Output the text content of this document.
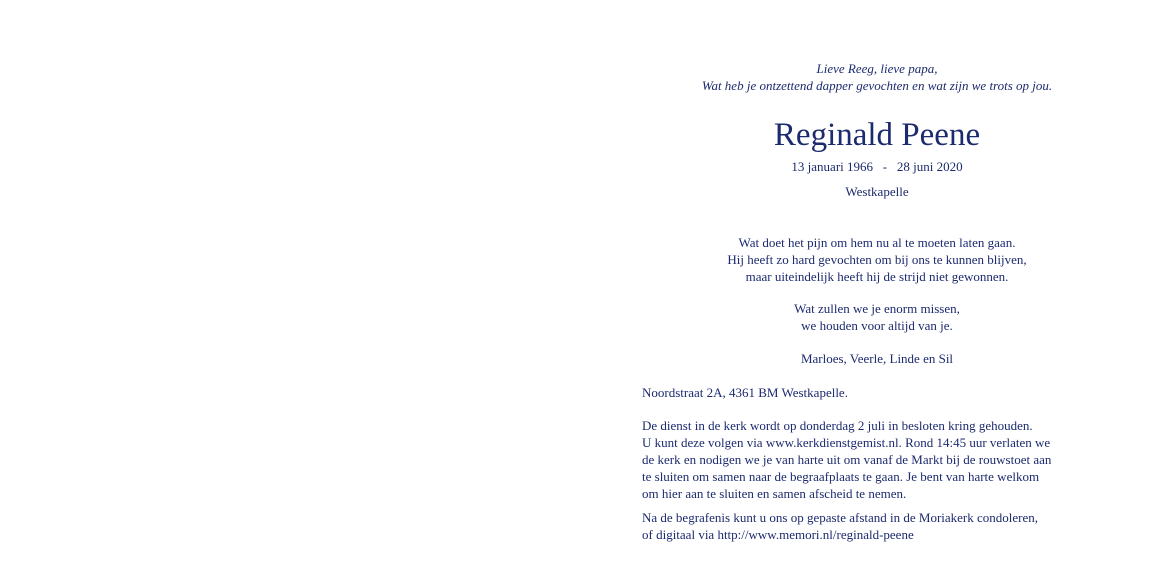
Lieve Reeg, lieve papa,
Wat heb je ontzettend dapper gevochten en wat zijn we trots op jou.
Reginald Peene
13 januari 1966   -   28 juni 2020
Westkapelle
Wat doet het pijn om hem nu al te moeten laten gaan.
Hij heeft zo hard gevochten om bij ons te kunnen blijven,
maar uiteindelijk heeft hij de strijd niet gewonnen.
Wat zullen we je enorm missen,
we houden voor altijd van je.
Marloes, Veerle, Linde en Sil
Noordstraat 2A, 4361 BM Westkapelle.
De dienst in de kerk wordt op donderdag 2 juli in besloten kring gehouden.
U kunt deze volgen via www.kerkdienstgemist.nl. Rond 14:45 uur verlaten we
de kerk en nodigen we je van harte uit om vanaf de Markt bij de rouwstoet aan
te sluiten om samen naar de begraafplaats te gaan. Je bent van harte welkom
om hier aan te sluiten en samen afscheid te nemen.
Na de begrafenis kunt u ons op gepaste afstand in de Moriakerk condoleren,
of digitaal via http://www.memori.nl/reginald-peene
